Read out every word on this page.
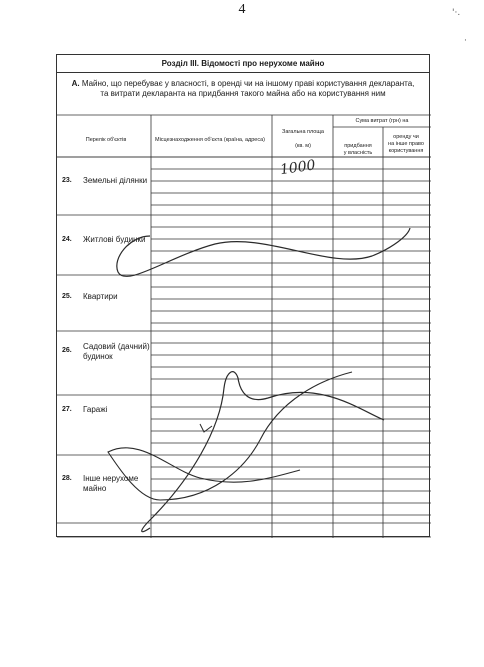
4	'·.
·
Розділ ІІІ. Відомості про нерухоме майно
А. Майно, що перебуває у власності, в оренді чи на іншому праві користування декларанта,
та витрати декларанта на придбання такого майна або на користування ним
Перелік об'єктів	Місцезнаходження об'єкта (країна, адреса)
Загальна площа

(кв. м)
Сума витрат (грн) на
придбання
у власність
оренду чи
на інше право
користування
23. Земельні ділянки
24. Житлові будинки
25. Квартири
26. Садовий (дачний)
будинок
27. Гаражі
28. Інше нерухоме
майно
1000
